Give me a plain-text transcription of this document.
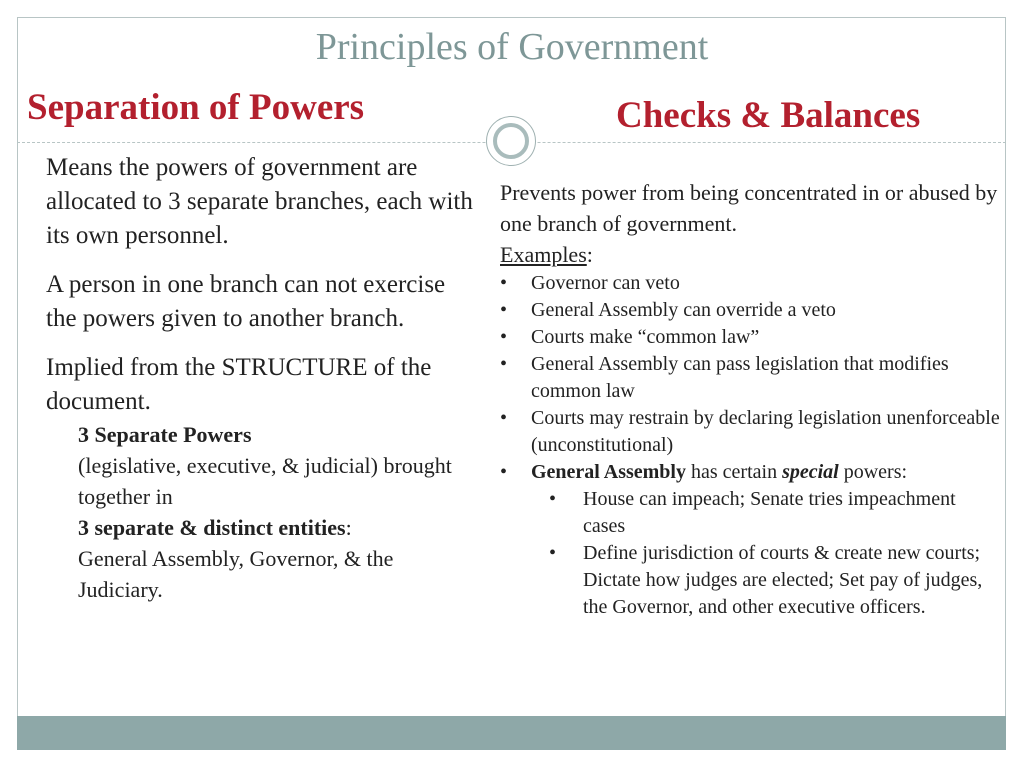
Principles of Government
Separation of Powers	Checks & Balances

Means the powers of government are allocated to 3 separate branches, each with its own personnel.

A person in one branch can not exercise the powers given to another branch.

Implied from the STRUCTURE of the document.

3 Separate Powers
(legislative, executive, & judicial) brought together in
3 separate & distinct entities:
General Assembly, Governor, & the Judiciary.

Prevents power from being concentrated in or abused by one branch of government.

Examples:

• Governor can veto
• General Assembly can override a veto
• Courts make “common law”
• General Assembly can pass legislation that modifies common law
• Courts may restrain by declaring legislation unenforceable (unconstitutional)
• General Assembly has certain special powers:
• House can impeach; Senate tries impeachment cases
• Define jurisdiction of courts & create new courts; Dictate how judges are elected; Set pay of judges, the Governor, and other executive officers.
